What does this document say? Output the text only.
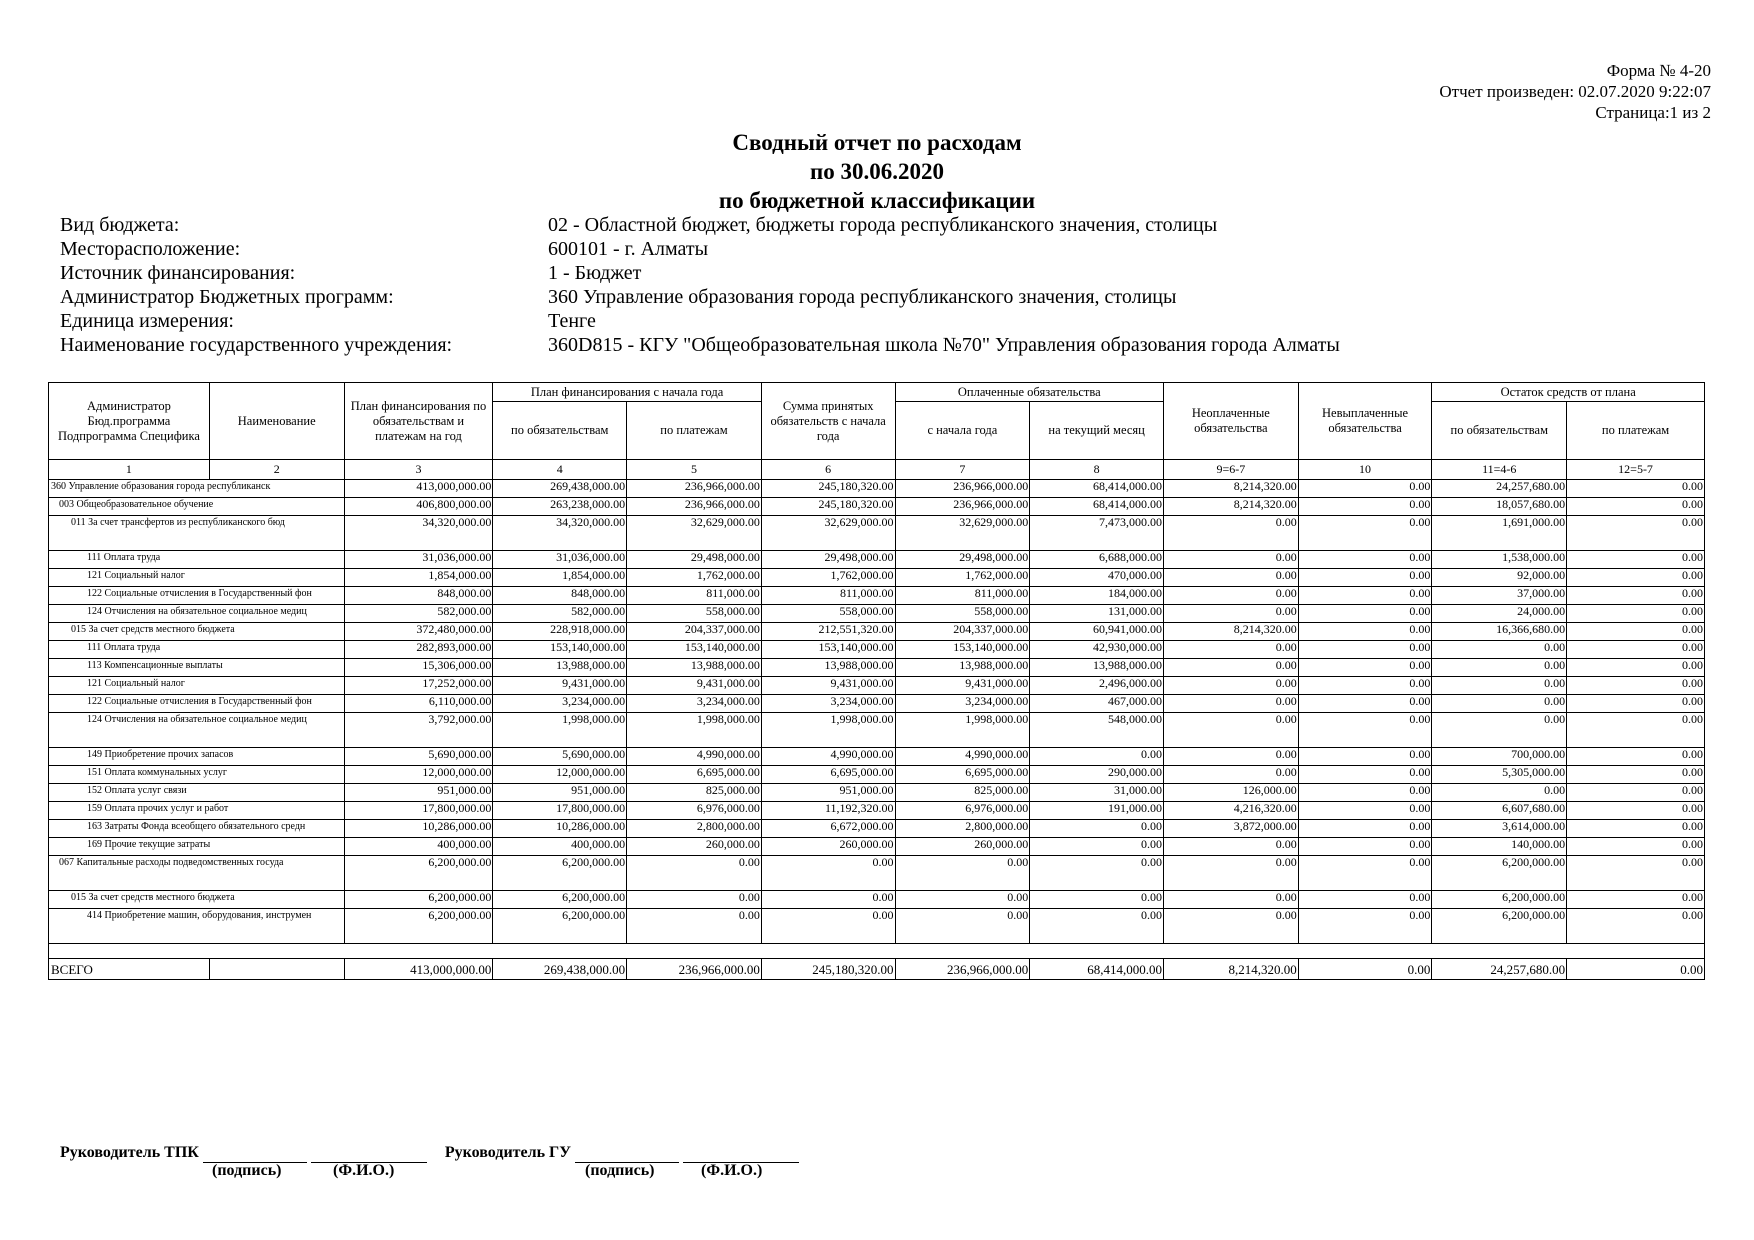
Форма № 4-20
Отчет произведен: 02.07.2020 9:22:07
Страница:1 из 2
Сводный отчет по расходам
по 30.06.2020
по бюджетной классификации
Вид бюджета:	02 - Областной бюджет, бюджеты города республиканского значения, столицы
Месторасположение:	600101 - г. Алматы
Источник финансирования:	1 - Бюджет
Администратор Бюджетных программ:	360 Управление образования города республиканского значения, столицы
Единица измерения:	Тенге
Наименование государственного учреждения:	360D815 - КГУ "Общеобразовательная школа №70" Управления образования города Алматы
Администратор Бюд.программа Подпрограмма Специфика	Наименование	План финансирования по обязательствам и платежам на год	План финансирования с начала года		Сумма принятых обязательств с начала года	Оплаченные обязательства		Неоплаченные обязательства	Невыплаченные обязательства	Остаток средств от плана	
			по обязательствам	по платежам		с начала года	на текущий месяц			по обязательствам	по платежам
1	2	3	4	5	6	7	8	9=6-7	10	11=4-6	12=5-7
360 Управление образования города республиканск		413,000,000.00	269,438,000.00	236,966,000.00	245,180,320.00	236,966,000.00	68,414,000.00	8,214,320.00	0.00	24,257,680.00	0.00
003 Общеобразовательное обучение		406,800,000.00	263,238,000.00	236,966,000.00	245,180,320.00	236,966,000.00	68,414,000.00	8,214,320.00	0.00	18,057,680.00	0.00
011 За счет трансфертов из республиканского бюд		34,320,000.00	34,320,000.00	32,629,000.00	32,629,000.00	32,629,000.00	7,473,000.00	0.00	0.00	1,691,000.00	0.00
111 Оплата труда		31,036,000.00	31,036,000.00	29,498,000.00	29,498,000.00	29,498,000.00	6,688,000.00	0.00	0.00	1,538,000.00	0.00
121 Социальный налог		1,854,000.00	1,854,000.00	1,762,000.00	1,762,000.00	1,762,000.00	470,000.00	0.00	0.00	92,000.00	0.00
122 Социальные отчисления в Государственный фон		848,000.00	848,000.00	811,000.00	811,000.00	811,000.00	184,000.00	0.00	0.00	37,000.00	0.00
124 Отчисления на обязательное социальное медиц		582,000.00	582,000.00	558,000.00	558,000.00	558,000.00	131,000.00	0.00	0.00	24,000.00	0.00
015 За счет средств местного бюджета		372,480,000.00	228,918,000.00	204,337,000.00	212,551,320.00	204,337,000.00	60,941,000.00	8,214,320.00	0.00	16,366,680.00	0.00
111 Оплата труда		282,893,000.00	153,140,000.00	153,140,000.00	153,140,000.00	153,140,000.00	42,930,000.00	0.00	0.00	0.00	0.00
113 Компенсационные выплаты		15,306,000.00	13,988,000.00	13,988,000.00	13,988,000.00	13,988,000.00	13,988,000.00	0.00	0.00	0.00	0.00
121 Социальный налог		17,252,000.00	9,431,000.00	9,431,000.00	9,431,000.00	9,431,000.00	2,496,000.00	0.00	0.00	0.00	0.00
122 Социальные отчисления в Государственный фон		6,110,000.00	3,234,000.00	3,234,000.00	3,234,000.00	3,234,000.00	467,000.00	0.00	0.00	0.00	0.00
124 Отчисления на обязательное социальное медиц		3,792,000.00	1,998,000.00	1,998,000.00	1,998,000.00	1,998,000.00	548,000.00	0.00	0.00	0.00	0.00
149 Приобретение прочих запасов		5,690,000.00	5,690,000.00	4,990,000.00	4,990,000.00	4,990,000.00	0.00	0.00	0.00	700,000.00	0.00
151 Оплата коммунальных услуг		12,000,000.00	12,000,000.00	6,695,000.00	6,695,000.00	6,695,000.00	290,000.00	0.00	0.00	5,305,000.00	0.00
152 Оплата услуг связи		951,000.00	951,000.00	825,000.00	951,000.00	825,000.00	31,000.00	126,000.00	0.00	0.00	0.00
159 Оплата прочих услуг и работ		17,800,000.00	17,800,000.00	6,976,000.00	11,192,320.00	6,976,000.00	191,000.00	4,216,320.00	0.00	6,607,680.00	0.00
163 Затраты Фонда всеобщего обязательного средн		10,286,000.00	10,286,000.00	2,800,000.00	6,672,000.00	2,800,000.00	0.00	3,872,000.00	0.00	3,614,000.00	0.00
169 Прочие текущие затраты		400,000.00	400,000.00	260,000.00	260,000.00	260,000.00	0.00	0.00	0.00	140,000.00	0.00
067 Капитальные расходы подведомственных госуда		6,200,000.00	6,200,000.00	0.00	0.00	0.00	0.00	0.00	0.00	6,200,000.00	0.00
015 За счет средств местного бюджета		6,200,000.00	6,200,000.00	0.00	0.00	0.00	0.00	0.00	0.00	6,200,000.00	0.00
414 Приобретение машин, оборудования, инструмен		6,200,000.00	6,200,000.00	0.00	0.00	0.00	0.00	0.00	0.00	6,200,000.00	0.00

ВСЕГО		413,000,000.00	269,438,000.00	236,966,000.00	245,180,320.00	236,966,000.00	68,414,000.00	8,214,320.00	0.00	24,257,680.00	0.00
Руководитель ТПК	Руководитель ГУ
(подпись)	(Ф.И.О.)	(подпись)	(Ф.И.О.)
